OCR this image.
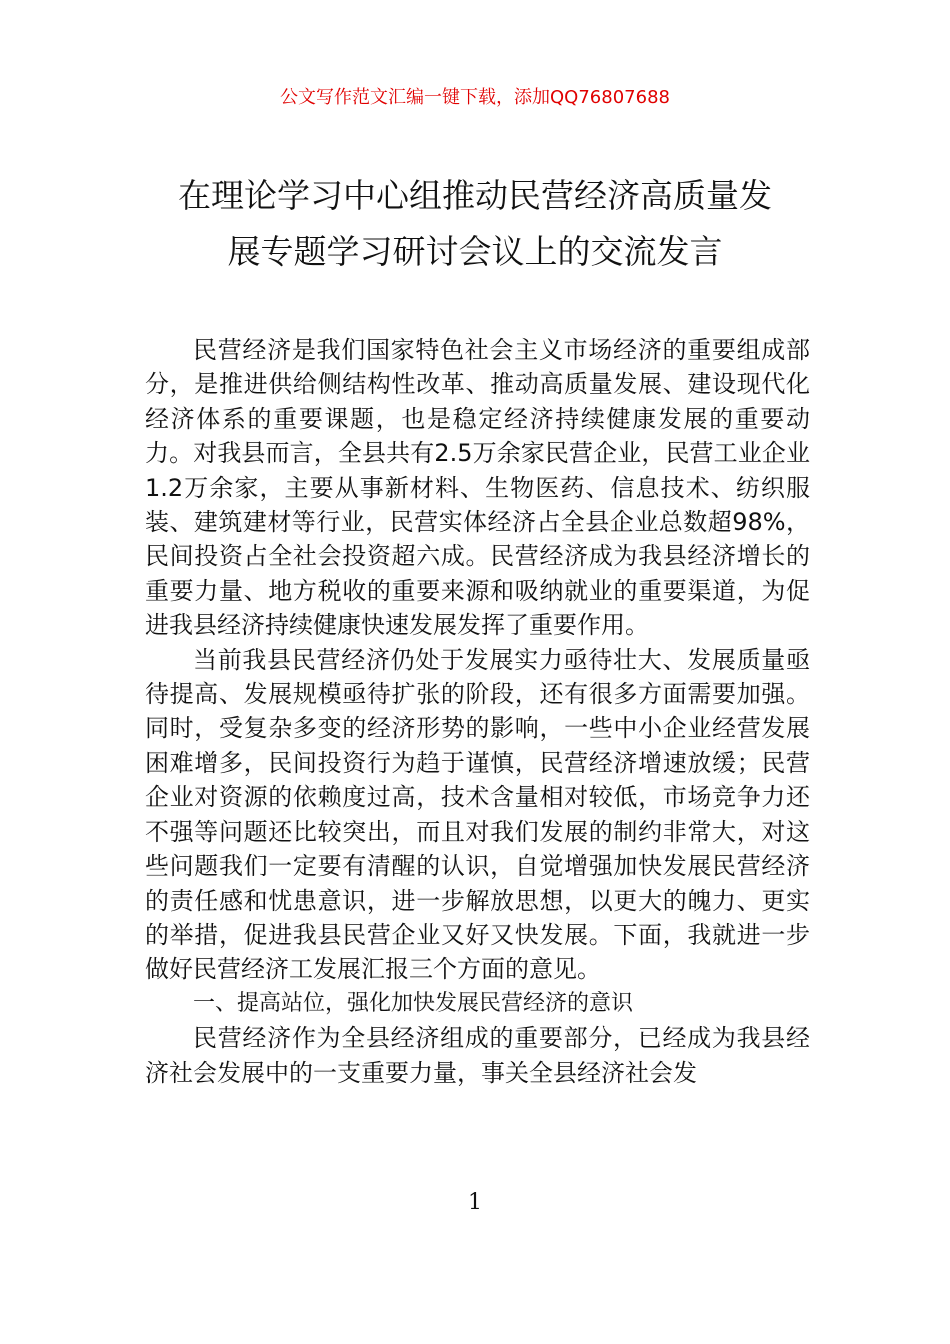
公文写作范文汇编一键下载，添加QQ76807688
在理论学习中心组推动民营经济高质量发
展专题学习研讨会议上的交流发言

民营经济是我们国家特色社会主义市场经济的重要组成部分，是推进供给侧结构性改革、推动高质量发展、建设现代化经济体系的重要课题，也是稳定经济持续健康发展的重要动力。对我县而言，全县共有2.5万余家民营企业，民营工业企业1.2万余家，主要从事新材料、生物医药、信息技术、纺织服装、建筑建材等行业，民营实体经济占全县企业总数超98%，民间投资占全社会投资超六成。民营经济成为我县经济增长的重要力量、地方税收的重要来源和吸纳就业的重要渠道，为促进我县经济持续健康快速发展发挥了重要作用。

当前我县民营经济仍处于发展实力亟待壮大、发展质量亟待提高、发展规模亟待扩张的阶段，还有很多方面需要加强。同时，受复杂多变的经济形势的影响，一些中小企业经营发展困难增多，民间投资行为趋于谨慎，民营经济增速放缓；民营企业对资源的依赖度过高，技术含量相对较低，市场竞争力还不强等问题还比较突出，而且对我们发展的制约非常大，对这些问题我们一定要有清醒的认识，自觉增强加快发展民营经济的责任感和忧患意识，进一步解放思想，以更大的魄力、更实的举措，促进我县民营企业又好又快发展。下面，我就进一步做好民营经济工发展汇报三个方面的意见。

一、提高站位，强化加快发展民营经济的意识

民营经济作为全县经济组成的重要部分，已经成为我县经济社会发展中的一支重要力量，事关全县经济社会发

1
